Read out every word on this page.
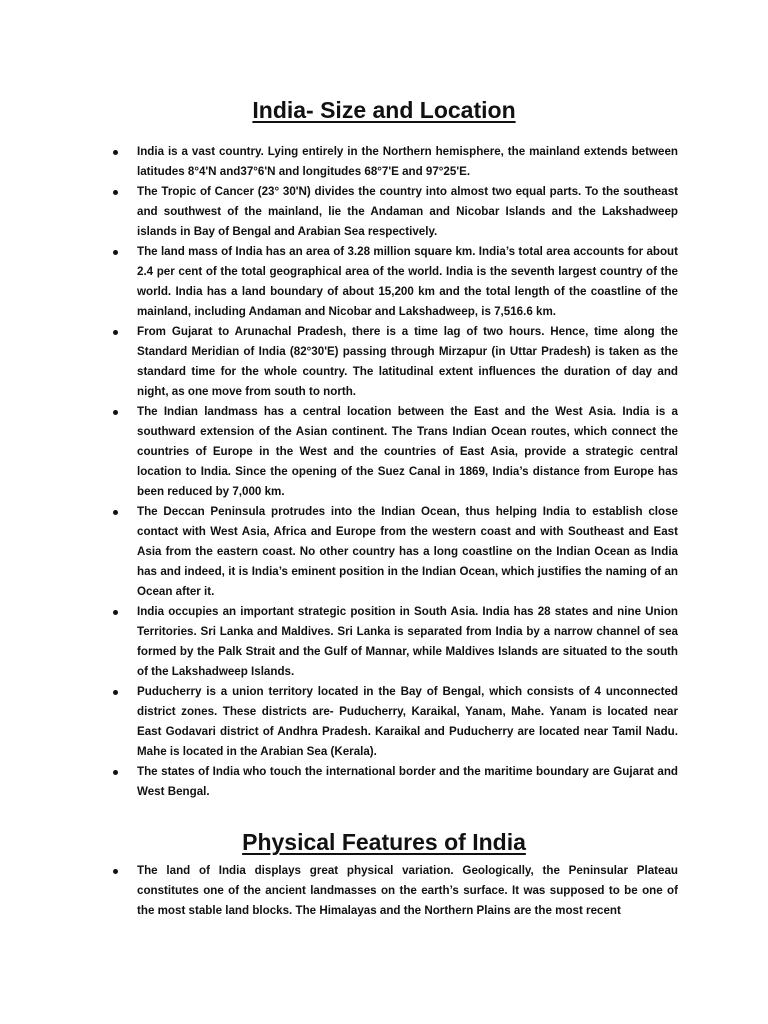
India- Size and Location
India is a vast country. Lying entirely in the Northern hemisphere, the mainland extends between latitudes 8°4'N and37°6'N and longitudes 68°7'E and 97°25'E.
The Tropic of Cancer (23° 30'N) divides the country into almost two equal parts. To the southeast and southwest of the mainland, lie the Andaman and Nicobar Islands and the Lakshadweep islands in Bay of Bengal and Arabian Sea respectively.
The land mass of India has an area of 3.28 million square km. India’s total area accounts for about 2.4 per cent of the total geographical area of the world. India is the seventh largest country of the world. India has a land boundary of about 15,200 km and the total length of the coastline of the mainland, including Andaman and Nicobar and Lakshadweep, is 7,516.6 km.
From Gujarat to Arunachal Pradesh, there is a time lag of two hours. Hence, time along the Standard Meridian of India (82°30'E) passing through Mirzapur (in Uttar Pradesh) is taken as the standard time for the whole country. The latitudinal extent influences the duration of day and night, as one move from south to north.
The Indian landmass has a central location between the East and the West Asia. India is a southward extension of the Asian continent. The Trans Indian Ocean routes, which connect the countries of Europe in the West and the countries of East Asia, provide a strategic central location to India. Since the opening of the Suez Canal in 1869, India’s distance from Europe has been reduced by 7,000 km.
The Deccan Peninsula protrudes into the Indian Ocean, thus helping India to establish close contact with West Asia, Africa and Europe from the western coast and with Southeast and East Asia from the eastern coast. No other country has a long coastline on the Indian Ocean as India has and indeed, it is India’s eminent position in the Indian Ocean, which justifies the naming of an Ocean after it.
India occupies an important strategic position in South Asia. India has 28 states and nine Union Territories. Sri Lanka and Maldives. Sri Lanka is separated from India by a narrow channel of sea formed by the Palk Strait and the Gulf of Mannar, while Maldives Islands are situated to the south of the Lakshadweep Islands.
Puducherry is a union territory located in the Bay of Bengal, which consists of 4 unconnected district zones. These districts are- Puducherry, Karaikal, Yanam, Mahe. Yanam is located near East Godavari district of Andhra Pradesh. Karaikal and Puducherry are located near Tamil Nadu. Mahe is located in the Arabian Sea (Kerala).
The states of India who touch the international border and the maritime boundary are Gujarat and West Bengal.
Physical Features of India
The land of India displays great physical variation. Geologically, the Peninsular Plateau constitutes one of the ancient landmasses on the earth’s surface. It was supposed to be one of the most stable land blocks. The Himalayas and the Northern Plains are the most recent
